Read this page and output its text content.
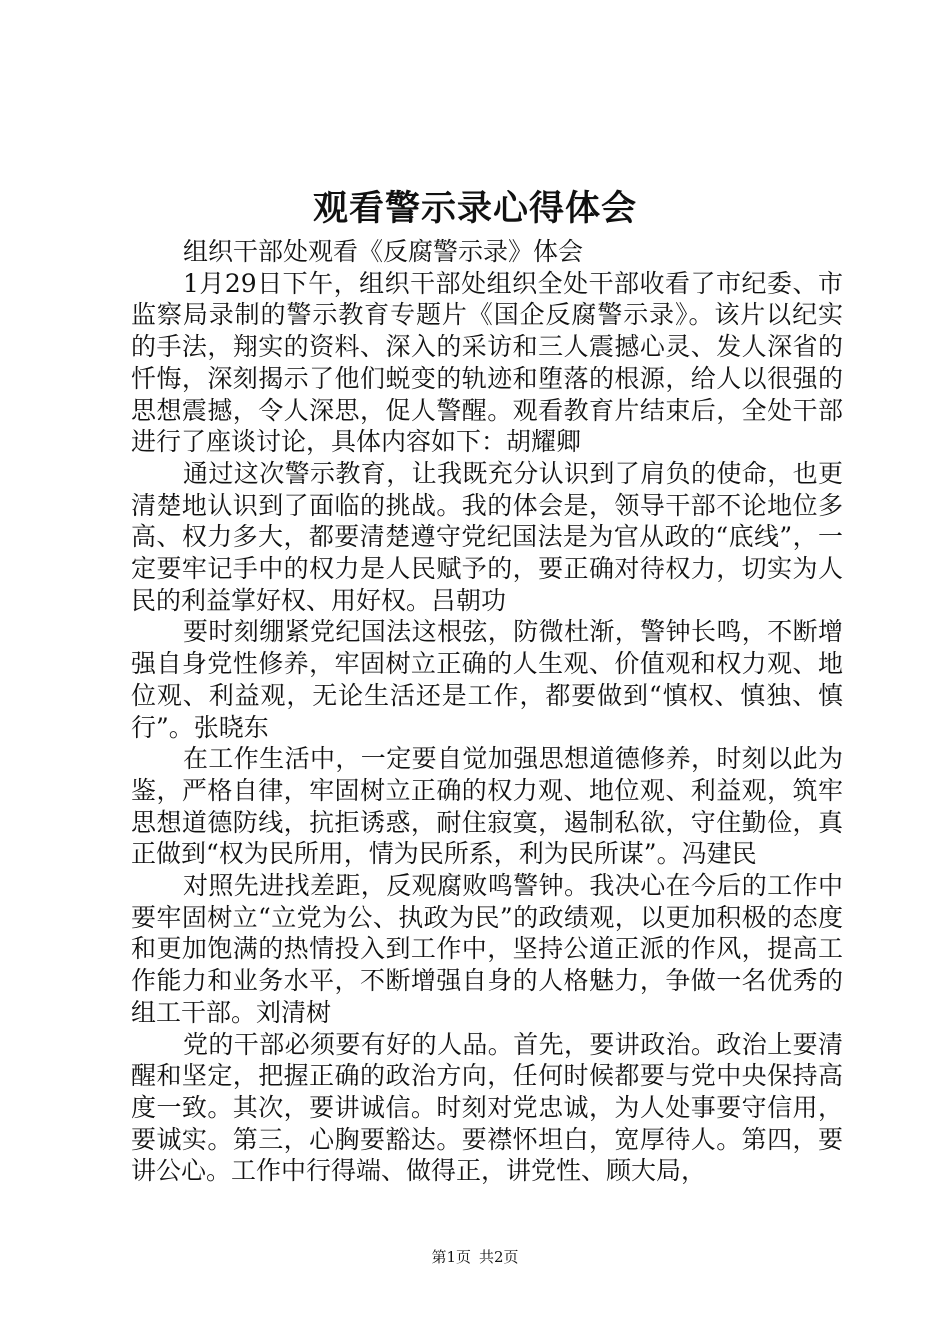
观看警示录心得体会

组织干部处观看《反腐警示录》体会

1月29日下午，组织干部处组织全处干部收看了市纪委、市监察局录制的警示教育专题片《国企反腐警示录》。该片以纪实的手法，翔实的资料、深入的采访和三人震撼心灵、发人深省的忏悔，深刻揭示了他们蜕变的轨迹和堕落的根源，给人以很强的思想震撼，令人深思，促人警醒。观看教育片结束后，全处干部进行了座谈讨论，具体内容如下：胡耀卿

通过这次警示教育，让我既充分认识到了肩负的使命，也更清楚地认识到了面临的挑战。我的体会是，领导干部不论地位多高、权力多大，都要清楚遵守党纪国法是为官从政的“底线”，一定要牢记手中的权力是人民赋予的，要正确对待权力，切实为人民的利益掌好权、用好权。吕朝功

要时刻绷紧党纪国法这根弦，防微杜渐，警钟长鸣，不断增强自身党性修养，牢固树立正确的人生观、价值观和权力观、地位观、利益观，无论生活还是工作，都要做到“慎权、慎独、慎行”。张晓东

在工作生活中，一定要自觉加强思想道德修养，时刻以此为鉴，严格自律，牢固树立正确的权力观、地位观、利益观，筑牢思想道德防线，抗拒诱惑，耐住寂寞，遏制私欲，守住勤俭，真正做到“权为民所用，情为民所系，利为民所谋”。冯建民

对照先进找差距，反观腐败鸣警钟。我决心在今后的工作中要牢固树立“立党为公、执政为民”的政绩观，以更加积极的态度和更加饱满的热情投入到工作中，坚持公道正派的作风，提高工作能力和业务水平，不断增强自身的人格魅力，争做一名优秀的组工干部。刘清树

党的干部必须要有好的人品。首先，要讲政治。政治上要清醒和坚定，把握正确的政治方向，任何时候都要与党中央保持高度一致。其次，要讲诚信。时刻对党忠诚，为人处事要守信用，要诚实。第三，心胸要豁达。要襟怀坦白，宽厚待人。第四，要讲公心。工作中行得端、做得正，讲党性、顾大局，

第1页 共2页
